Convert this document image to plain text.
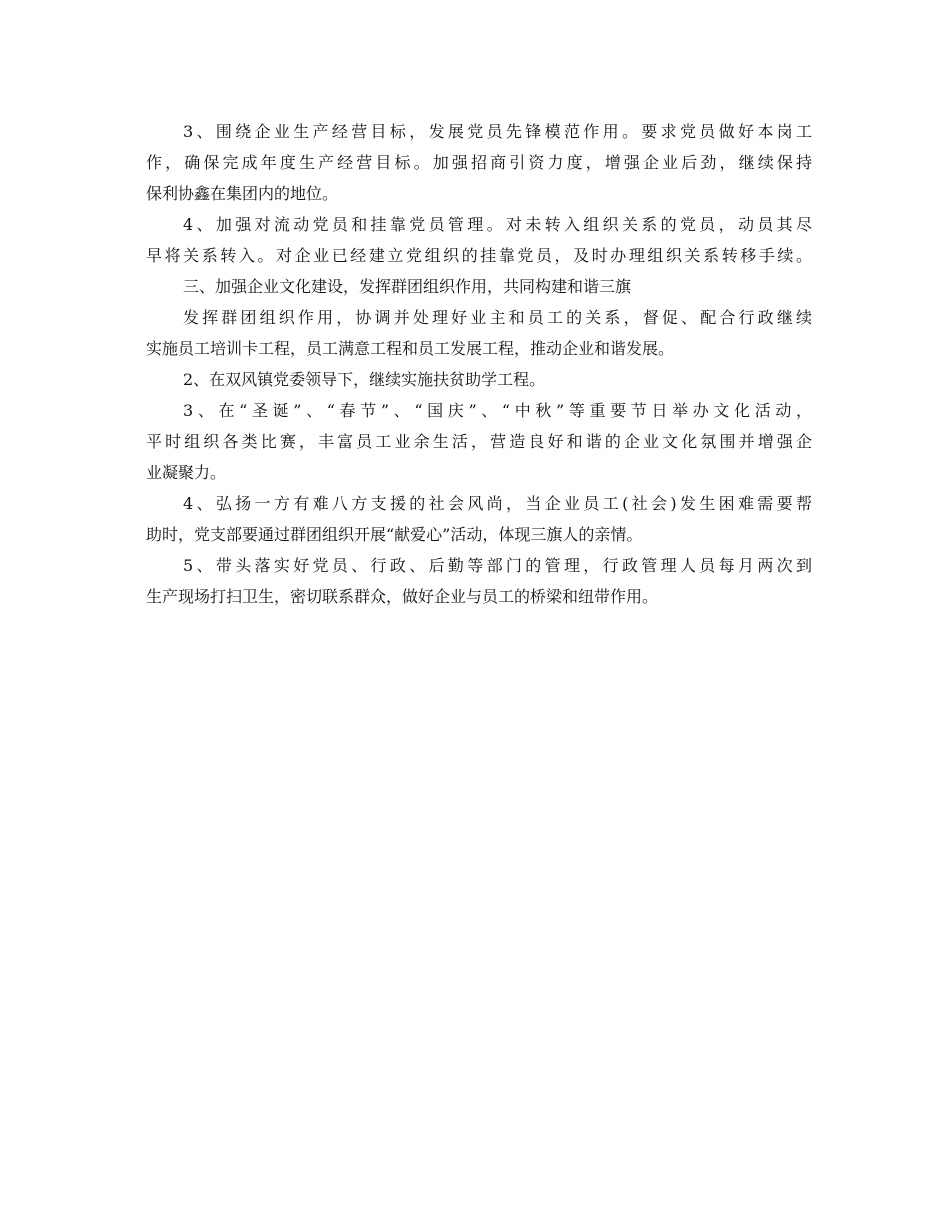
3、围绕企业生产经营目标，发展党员先锋模范作用。要求党员做好本岗工
作，确保完成年度生产经营目标。加强招商引资力度，增强企业后劲，继续保持
保利协鑫在集团内的地位。
4、加强对流动党员和挂靠党员管理。对未转入组织关系的党员，动员其尽
早将关系转入。对企业已经建立党组织的挂靠党员，及时办理组织关系转移手续。
三、加强企业文化建设，发挥群团组织作用，共同构建和谐三旗
发挥群团组织作用，协调并处理好业主和员工的关系，督促、配合行政继续
实施员工培训卡工程，员工满意工程和员工发展工程，推动企业和谐发展。
2、在双风镇党委领导下，继续实施扶贫助学工程。
3、在“圣诞”、“春节”、“国庆”、“中秋”等重要节日举办文化活动，
平时组织各类比赛，丰富员工业余生活，营造良好和谐的企业文化氛围并增强企
业凝聚力。
4、弘扬一方有难八方支援的社会风尚，当企业员工(社会)发生困难需要帮
助时，党支部要通过群团组织开展“献爱心”活动，体现三旗人的亲情。
5、带头落实好党员、行政、后勤等部门的管理，行政管理人员每月两次到
生产现场打扫卫生，密切联系群众，做好企业与员工的桥梁和纽带作用。
